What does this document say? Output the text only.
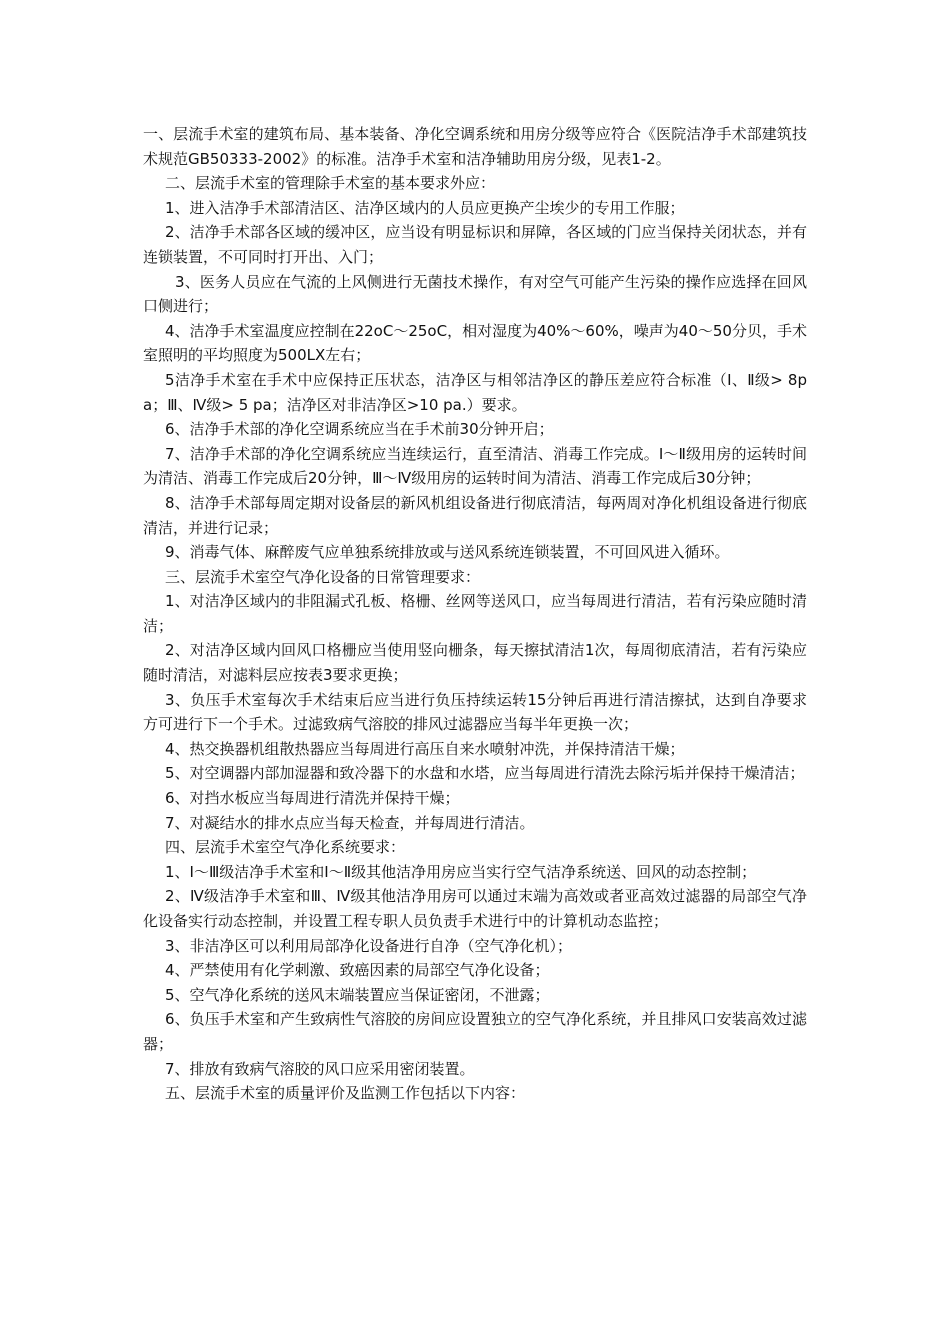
一、层流手术室的建筑布局、基本装备、净化空调系统和用房分级等应符合《医院洁净手术部建筑技术规范GB50333-2002》的标准。洁净手术室和洁净辅助用房分级，见表1-2。

二、层流手术室的管理除手术室的基本要求外应：

1、进入洁净手术部清洁区、洁净区域内的人员应更换产尘埃少的专用工作服；

2、洁净手术部各区域的缓冲区，应当设有明显标识和屏障，各区域的门应当保持关闭状态，并有连锁装置，不可同时打开出、入门；

3、医务人员应在气流的上风侧进行无菌技术操作，有对空气可能产生污染的操作应选择在回风口侧进行；

4、洁净手术室温度应控制在22oC～25oC，相对湿度为40%～60%，噪声为40～50分贝，手术室照明的平均照度为500LX左右；

5洁净手术室在手术中应保持正压状态，洁净区与相邻洁净区的静压差应符合标准（Ⅰ、Ⅱ级> 8pa；Ⅲ、Ⅳ级> 5 pa；洁净区对非洁净区>10 pa.）要求。

6、洁净手术部的净化空调系统应当在手术前30分钟开启；

7、洁净手术部的净化空调系统应当连续运行，直至清洁、消毒工作完成。Ⅰ～Ⅱ级用房的运转时间为清洁、消毒工作完成后20分钟，Ⅲ～Ⅳ级用房的运转时间为清洁、消毒工作完成后30分钟；

8、洁净手术部每周定期对设备层的新风机组设备进行彻底清洁，每两周对净化机组设备进行彻底清洁，并进行记录；

9、消毒气体、麻醉废气应单独系统排放或与送风系统连锁装置，不可回风进入循环。

三、层流手术室空气净化设备的日常管理要求：

1、对洁净区域内的非阻漏式孔板、格栅、丝网等送风口，应当每周进行清洁，若有污染应随时清洁；

2、对洁净区域内回风口格栅应当使用竖向栅条，每天擦拭清洁1次，每周彻底清洁，若有污染应随时清洁，对滤料层应按表3要求更换；

3、负压手术室每次手术结束后应当进行负压持续运转15分钟后再进行清洁擦拭，达到自净要求方可进行下一个手术。过滤致病气溶胶的排风过滤器应当每半年更换一次；

4、热交换器机组散热器应当每周进行高压自来水喷射冲洗，并保持清洁干燥；

5、对空调器内部加湿器和致冷器下的水盘和水塔，应当每周进行清洗去除污垢并保持干燥清洁；

6、对挡水板应当每周进行清洗并保持干燥；

7、对凝结水的排水点应当每天检查，并每周进行清洁。

四、层流手术室空气净化系统要求：

1、Ⅰ～Ⅲ级洁净手术室和Ⅰ～Ⅱ级其他洁净用房应当实行空气洁净系统送、回风的动态控制；

2、Ⅳ级洁净手术室和Ⅲ、Ⅳ级其他洁净用房可以通过末端为高效或者亚高效过滤器的局部空气净化设备实行动态控制，并设置工程专职人员负责手术进行中的计算机动态监控；

3、非洁净区可以利用局部净化设备进行自净（空气净化机）；

4、严禁使用有化学刺激、致癌因素的局部空气净化设备；

5、空气净化系统的送风末端装置应当保证密闭，不泄露；

6、负压手术室和产生致病性气溶胶的房间应设置独立的空气净化系统，并且排风口安装高效过滤器；

7、排放有致病气溶胶的风口应采用密闭装置。

五、层流手术室的质量评价及监测工作包括以下内容：
